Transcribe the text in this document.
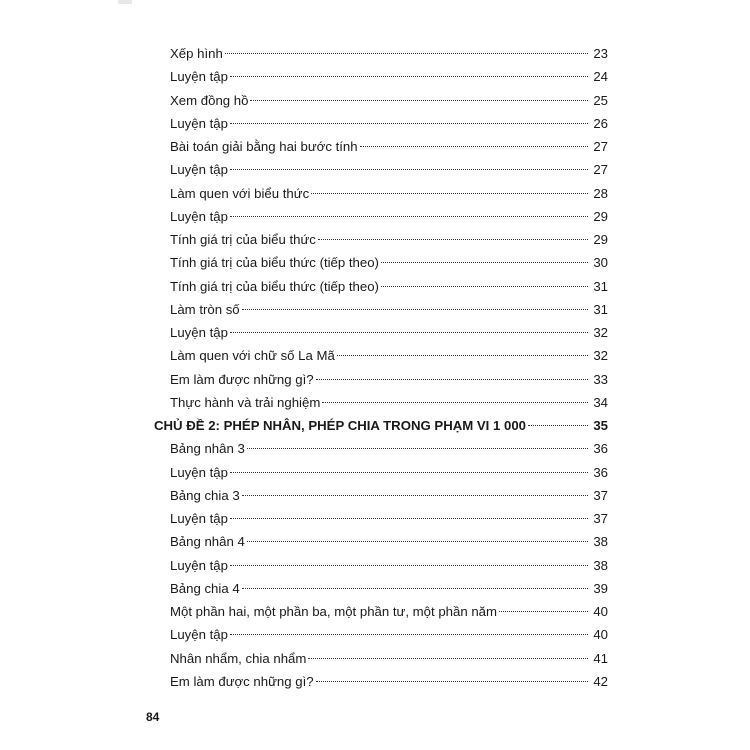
Xếp hình	23
Luyện tập	24
Xem đồng hồ	25
Luyện tập	26
Bài toán giải bằng hai bước tính	27
Luyện tập	27
Làm quen với biểu thức	28
Luyện tập	29
Tính giá trị của biểu thức	29
Tính giá trị của biểu thức (tiếp theo)	30
Tính giá trị của biểu thức (tiếp theo)	31
Làm tròn số	31
Luyện tập	32
Làm quen với chữ số La Mã	32
Em làm được những gì?	33
Thực hành và trải nghiệm	34
CHỦ ĐỀ 2: PHÉP NHÂN, PHÉP CHIA TRONG PHẠM VI 1 000	35
Bảng nhân 3	36
Luyện tập	36
Bảng chia 3	37
Luyện tập	37
Bảng nhân 4	38
Luyện tập	38
Bảng chia 4	39
Một phần hai, một phần ba, một phần tư, một phần năm	40
Luyện tập	40
Nhân nhẩm, chia nhẩm	41
Em làm được những gì?	42
84
